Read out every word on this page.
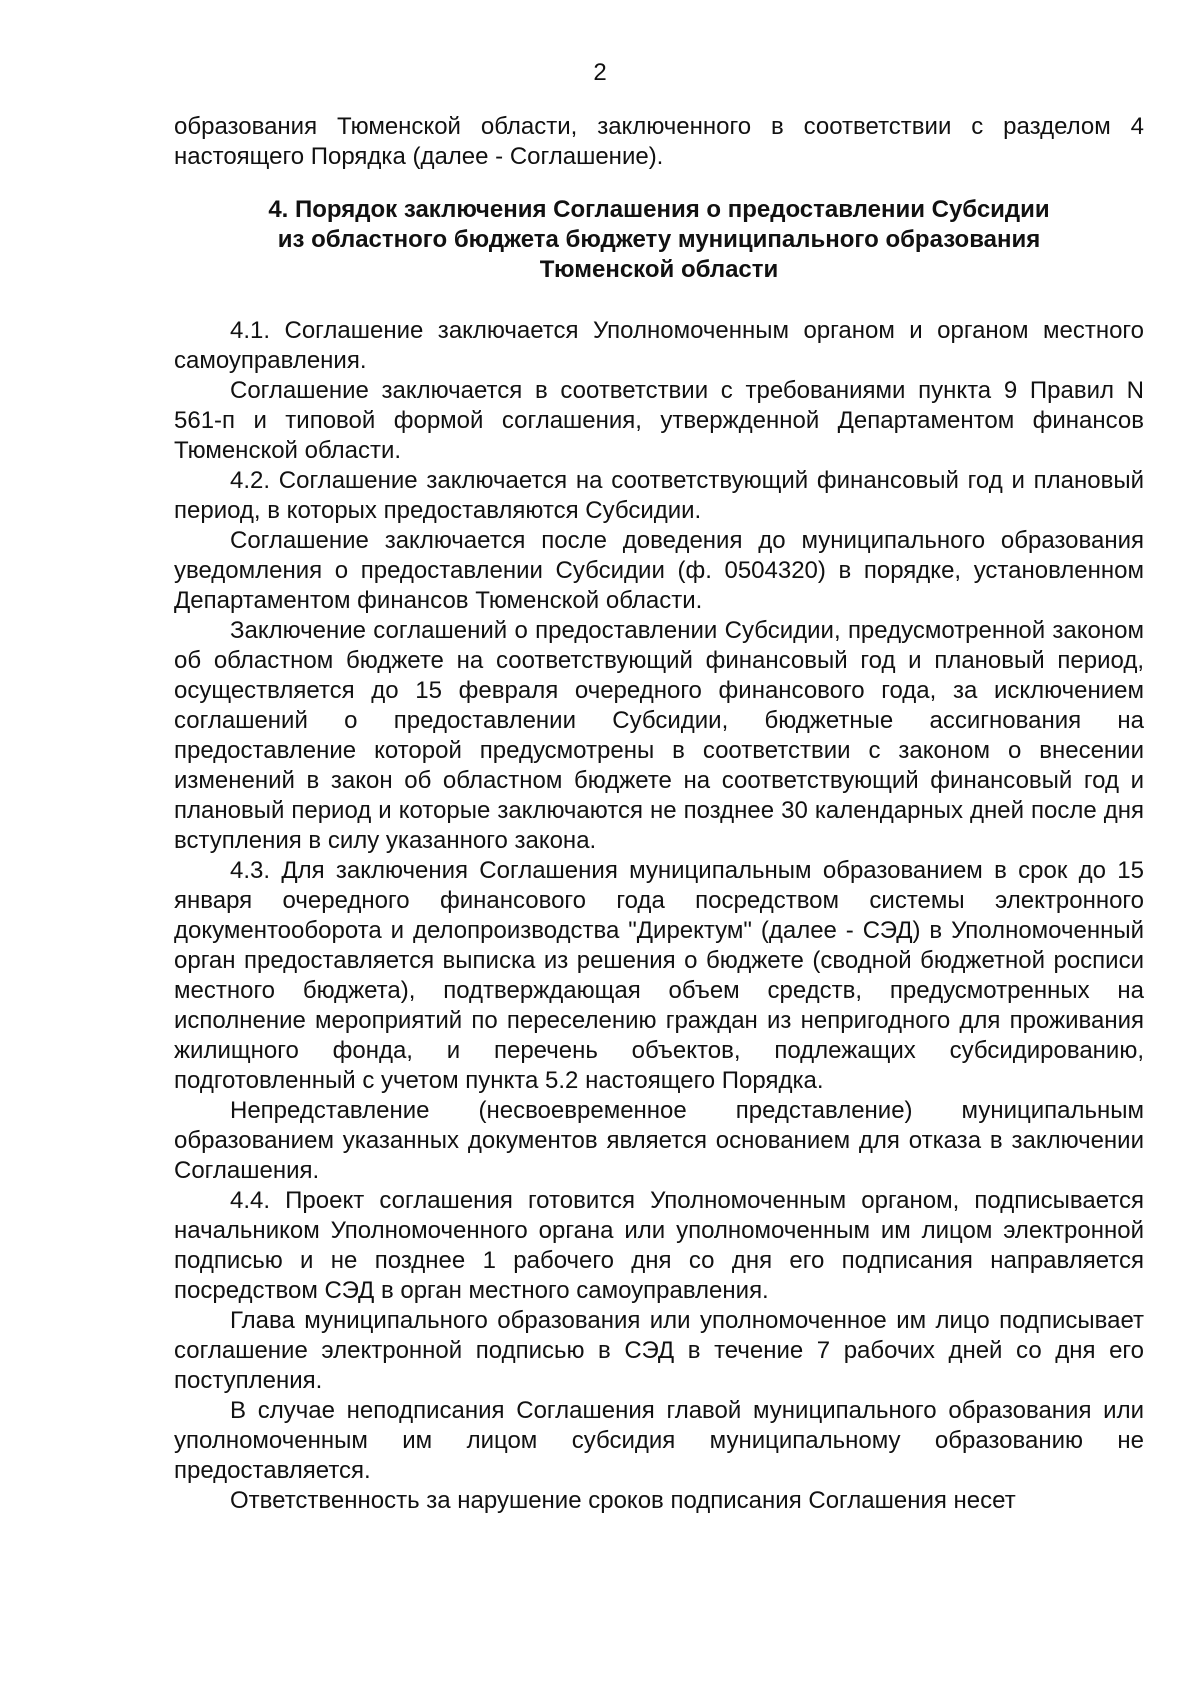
2

образования Тюменской области, заключенного в соответствии с разделом 4 настоящего Порядка (далее - Соглашение).

4. Порядок заключения Соглашения о предоставлении Субсидии
из областного бюджета бюджету муниципального образования
Тюменской области

4.1. Соглашение заключается Уполномоченным органом и органом местного самоуправления.

Соглашение заключается в соответствии с требованиями пункта 9 Правил N 561-п и типовой формой соглашения, утвержденной Департаментом финансов Тюменской области.

4.2. Соглашение заключается на соответствующий финансовый год и плановый период, в которых предоставляются Субсидии.

Соглашение заключается после доведения до муниципального образования уведомления о предоставлении Субсидии (ф. 0504320) в порядке, установленном Департаментом финансов Тюменской области.

Заключение соглашений о предоставлении Субсидии, предусмотренной законом об областном бюджете на соответствующий финансовый год и плановый период, осуществляется до 15 февраля очередного финансового года, за исключением соглашений о предоставлении Субсидии, бюджетные ассигнования на предоставление которой предусмотрены в соответствии с законом о внесении изменений в закон об областном бюджете на соответствующий финансовый год и плановый период и которые заключаются не позднее 30 календарных дней после дня вступления в силу указанного закона.

4.3. Для заключения Соглашения муниципальным образованием в срок до 15 января очередного финансового года посредством системы электронного документооборота и делопроизводства "Директум" (далее - СЭД) в Уполномоченный орган предоставляется выписка из решения о бюджете (сводной бюджетной росписи местного бюджета), подтверждающая объем средств, предусмотренных на исполнение мероприятий по переселению граждан из непригодного для проживания жилищного фонда, и перечень объектов, подлежащих субсидированию, подготовленный с учетом пункта 5.2 настоящего Порядка.

Непредставление (несвоевременное представление) муниципальным образованием указанных документов является основанием для отказа в заключении Соглашения.

4.4. Проект соглашения готовится Уполномоченным органом, подписывается начальником Уполномоченного органа или уполномоченным им лицом электронной подписью и не позднее 1 рабочего дня со дня его подписания направляется посредством СЭД в орган местного самоуправления.

Глава муниципального образования или уполномоченное им лицо подписывает соглашение электронной подписью в СЭД в течение 7 рабочих дней со дня его поступления.

В случае неподписания Соглашения главой муниципального образования или уполномоченным им лицом субсидия муниципальному образованию не предоставляется.

Ответственность за нарушение сроков подписания Соглашения несет
